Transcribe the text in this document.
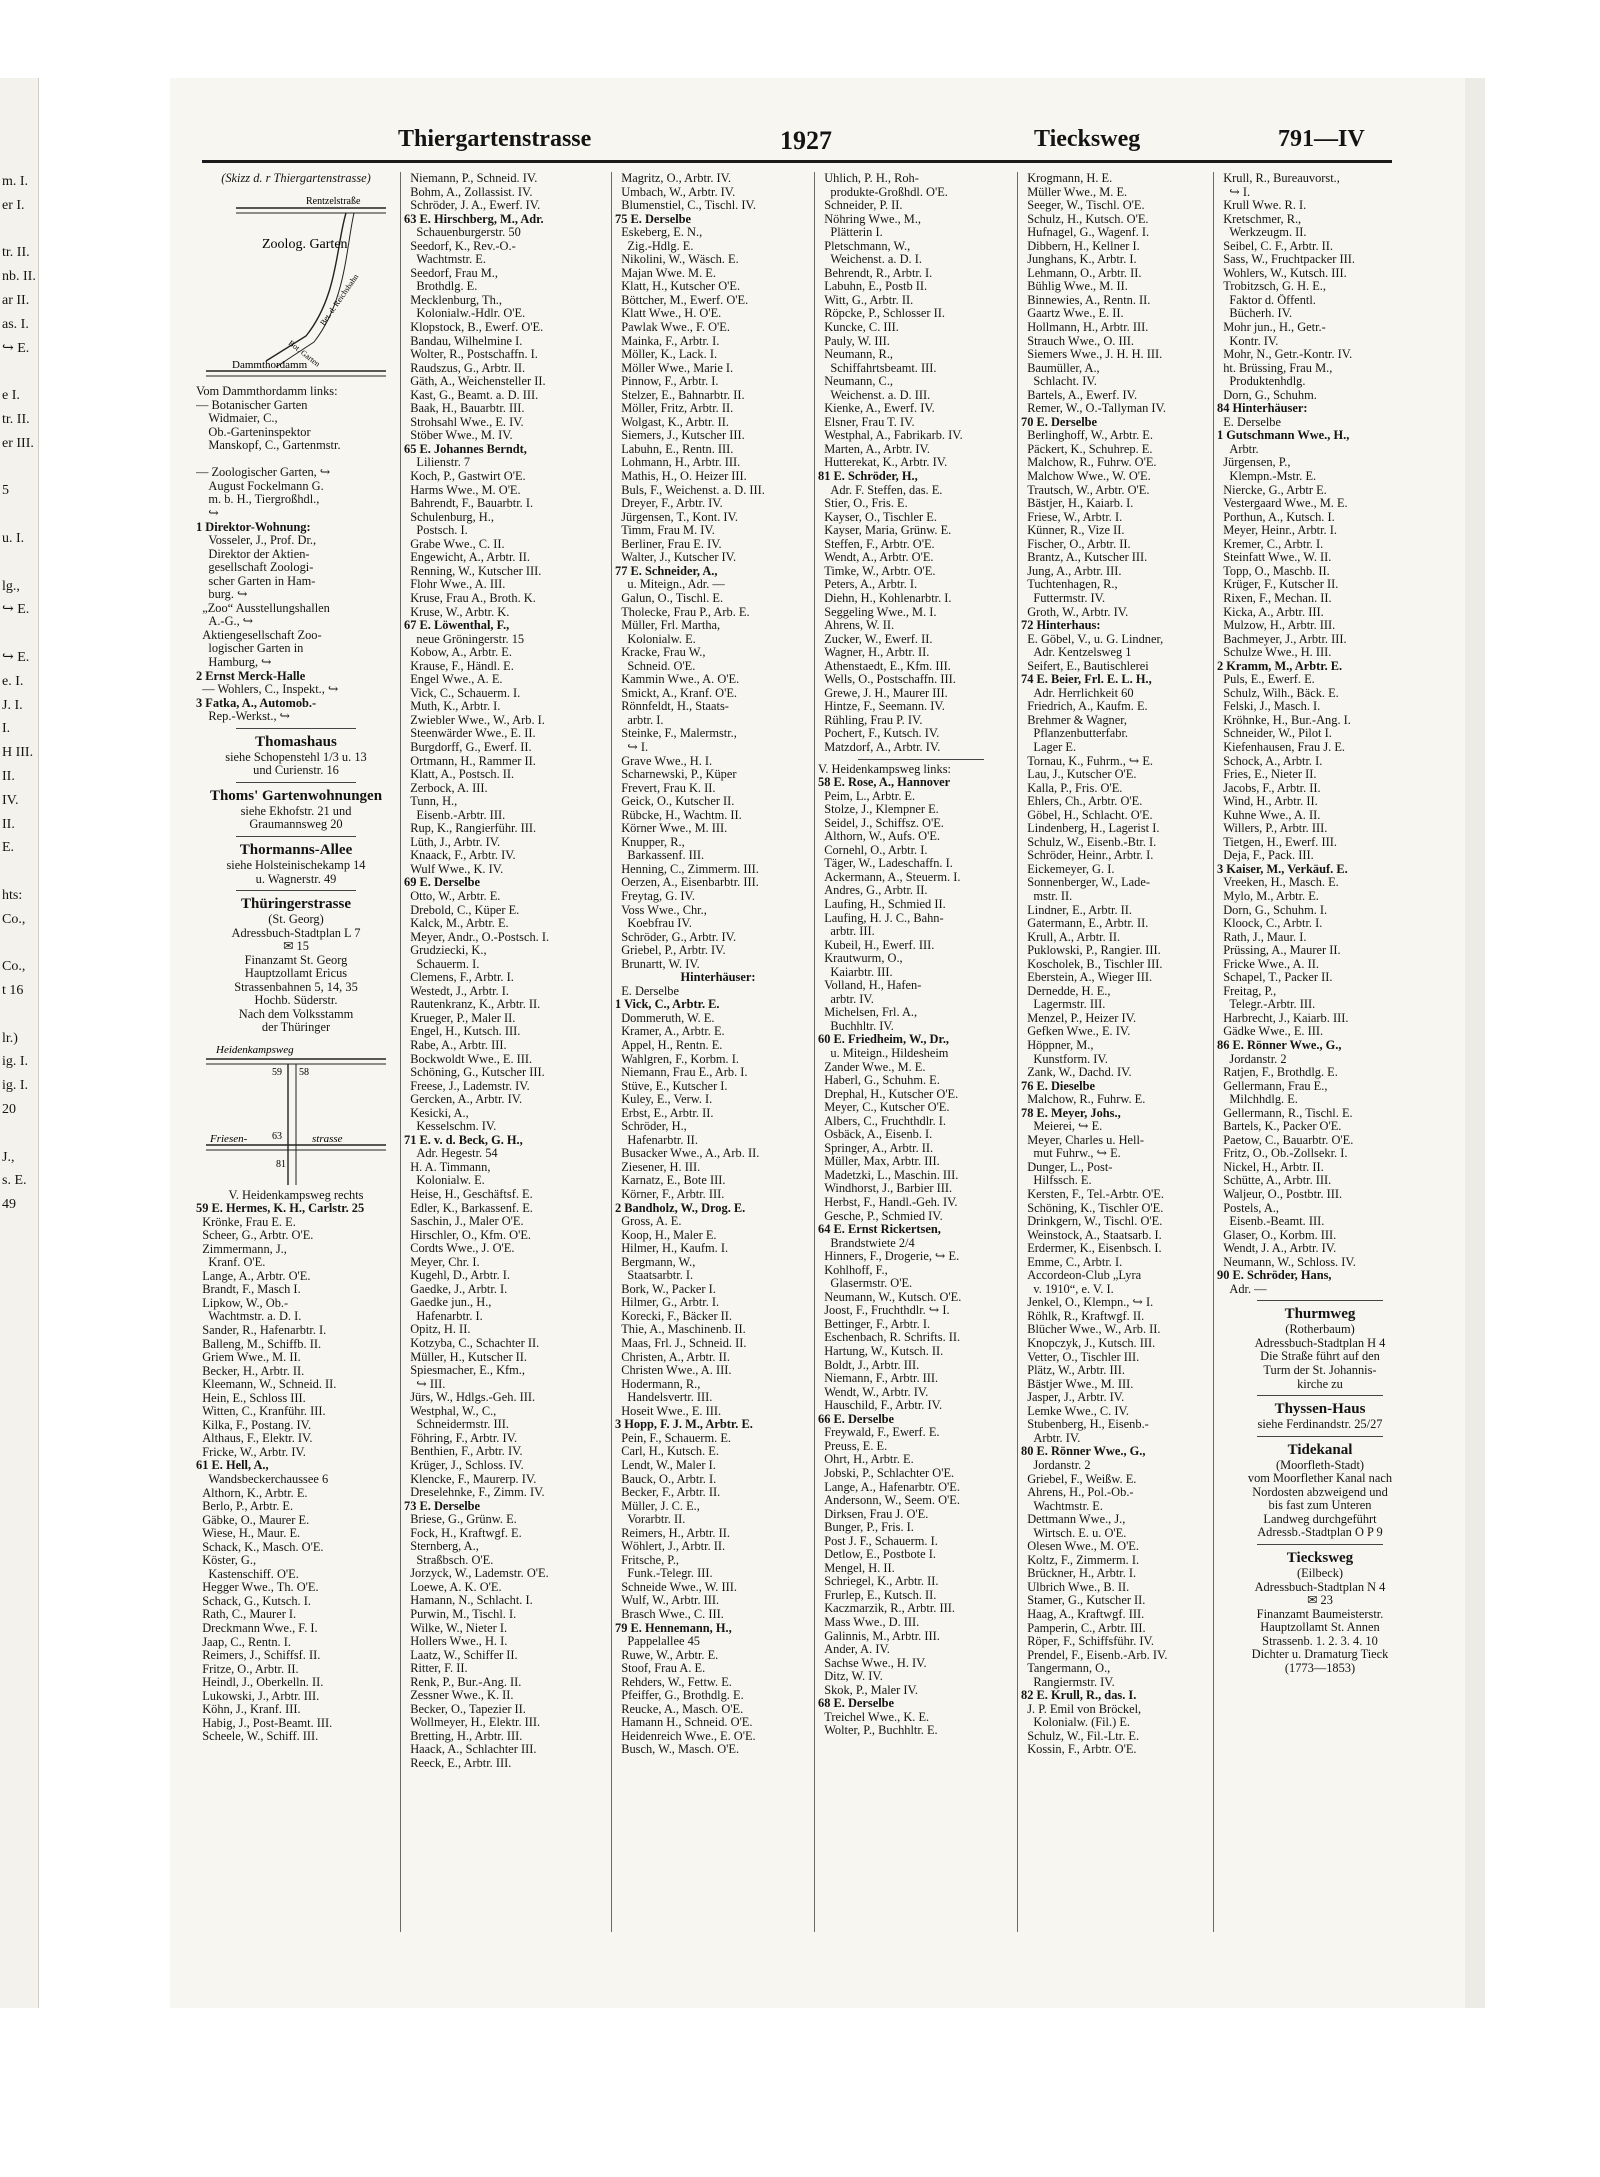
m. I.
er I.

tr. II.
nb. II.
ar II.
as. I.
↪ E.

e I.
tr. II.
er III.

5

u. I.

lg.,
↪ E.

↪ E.
e. I.
J. I.
I.
H III.
II.
IV.
II.
E.

hts:
Co.,

Co.,
t 16

lr.)
ig. I.
ig. I.
20

J.,
s. E.
49
Thiergartenstrasse	1927	Tiecksweg	791—IV
(Skizz d. r Thiergartenstrasse)
Rentzelstraße
Zoolog. Garten
Bet. d. Reichsbahn
Bot. Garten
Dammthordamm
Vom Dammthordamm links:
— Botanischer Garten
Widmaier, C.,
Ob.-Garteninspektor
Manskopf, C., Gartenmstr.

— Zoologischer Garten, ↪
August Fockelmann G.
m. b. H., Tiergroßhdl.,
↪
1 Direktor-Wohnung:
Vosseler, J., Prof. Dr.,
Direktor der Aktien-
gesellschaft Zoologi-
scher Garten in Ham-
burg. ↪
„Zoo“ Ausstellungshallen
A.-G., ↪
Aktiengesellschaft Zoo-
logischer Garten in
Hamburg, ↪
2 Ernst Merck-Halle
— Wohlers, C., Inspekt., ↪
3 Fatka, A., Automob.-
Rep.-Werkst., ↪
Thomashaus
siehe Schopenstehl 1/3 u. 13
und Curienstr. 16
Thoms' Gartenwohnungen
siehe Ekhofstr. 21 und
Graumannsweg 20
Thormanns-Allee
siehe Holsteinischekamp 14
u. Wagnerstr. 49
Thüringerstrasse
(St. Georg)
Adressbuch-Stadtplan L 7
✉ 15
Finanzamt St. Georg
Hauptzollamt Ericus
Strassenbahnen 5, 14, 35
Hochb. Süderstr.
Nach dem Volksstamm
der Thüringer
Heidenkampsweg
59 58
Friesen- 63	strasse
81
V. Heidenkampsweg rechts
59 E. Hermes, K. H., Carlstr. 25
Krönke, Frau E. E.
Scheer, G., Arbtr. O'E.
Zimmermann, J.,
Kranf. O'E.
Lange, A., Arbtr. O'E.
Brandt, F., Masch I.
Lipkow, W., Ob.-
Wachtmstr. a. D. I.
Sander, R., Hafenarbtr. I.
Balleng, M., Schiffb. II.
Griem Wwe., M. II.
Becker, H., Arbtr. II.
Kleemann, W., Schneid. II.
Hein, E., Schloss III.
Witten, C., Kranführ. III.
Kilka, F., Postang. IV.
Althaus, F., Elektr. IV.
Fricke, W., Arbtr. IV.
61 E. Hell, A.,
Wandsbeckerchaussee 6
Althorn, K., Arbtr. E.
Berlo, P., Arbtr. E.
Gäbke, O., Maurer E.
Wiese, H., Maur. E.
Schack, K., Masch. O'E.
Köster, G.,
Kastenschiff. O'E.
Hegger Wwe., Th. O'E.
Schack, G., Kutsch. I.
Rath, C., Maurer I.
Dreckmann Wwe., F. I.
Jaap, C., Rentn. I.
Reimers, J., Schiffsf. II.
Fritze, O., Arbtr. II.
Heindl, J., Oberkelln. II.
Lukowski, J., Arbtr. III.
Köhn, J., Kranf. III.
Habig, J., Post-Beamt. III.
Scheele, W., Schiff. III.
Niemann, P., Schneid. IV.
Bohm, A., Zollassist. IV.
Schröder, J. A., Ewerf. IV.
63 E. Hirschberg, M., Adr.
Schauenburgerstr. 50
Seedorf, K., Rev.-O.-
Wachtmstr. E.
Seedorf, Frau M.,
Brothdlg. E.
Mecklenburg, Th.,
Kolonialw.-Hdlr. O'E.
Klopstock, B., Ewerf. O'E.
Bandau, Wilhelmine I.
Wolter, R., Postschaffn. I.
Raudszus, G., Arbtr. II.
Gäth, A., Weichensteller II.
Kast, G., Beamt. a. D. III.
Baak, H., Bauarbtr. III.
Strohsahl Wwe., E. IV.
Stöber Wwe., M. IV.
65 E. Johannes Berndt,
Lilienstr. 7
Koch, P., Gastwirt O'E.
Harms Wwe., M. O'E.
Bahrendt, F., Bauarbtr. I.
Schulenburg, H.,
Postsch. I.
Grabe Wwe., C. II.
Engewicht, A., Arbtr. II.
Renning, W., Kutscher III.
Flohr Wwe., A. III.
Kruse, Frau A., Broth. K.
Kruse, W., Arbtr. K.
67 E. Löwenthal, F.,
neue Gröningerstr. 15
Kobow, A., Arbtr. E.
Krause, F., Händl. E.
Engel Wwe., A. E.
Vick, C., Schauerm. I.
Muth, K., Arbtr. I.
Zwiebler Wwe., W., Arb. I.
Steenwärder Wwe., E. II.
Burgdorff, G., Ewerf. II.
Ortmann, H., Rammer II.
Klatt, A., Postsch. II.
Zerbock, A. III.
Tunn, H.,
Eisenb.-Arbtr. III.
Rup, K., Rangierführ. III.
Lüth, J., Arbtr. IV.
Knaack, F., Arbtr. IV.
Wulf Wwe., K. IV.
69 E. Derselbe
Otto, W., Arbtr. E.
Drebold, C., Küper E.
Kalck, M., Arbtr. E.
Meyer, Andr., O.-Postsch. I.
Grudziecki, K.,
Schauerm. I.
Clemens, F., Arbtr. I.
Westedt, J., Arbtr. I.
Rautenkranz, K., Arbtr. II.
Krueger, P., Maler II.
Engel, H., Kutsch. III.
Rabe, A., Arbtr. III.
Bockwoldt Wwe., E. III.
Schöning, G., Kutscher III.
Freese, J., Lademstr. IV.
Gercken, A., Arbtr. IV.
Kesicki, A.,
Kesselschm. IV.
71 E. v. d. Beck, G. H.,
Adr. Hegestr. 54
H. A. Timmann,
Kolonialw. E.
Heise, H., Geschäftsf. E.
Edler, K., Barkassenf. E.
Saschin, J., Maler O'E.
Hirschler, O., Kfm. O'E.
Cordts Wwe., J. O'E.
Meyer, Chr. I.
Kugehl, D., Arbtr. I.
Gaedke, J., Arbtr. I.
Gaedke jun., H.,
Hafenarbtr. I.
Opitz, H. II.
Kotzyba, C., Schachter II.
Müller, H., Kutscher II.
Spiesmacher, E., Kfm.,
↪ III.
Jürs, W., Hdlgs.-Geh. III.
Westphal, W., C.,
Schneidermstr. III.
Föhring, F., Arbtr. IV.
Benthien, F., Arbtr. IV.
Krüger, J., Schloss. IV.
Klencke, F., Maurerp. IV.
Dreselehnke, F., Zimm. IV.
73 E. Derselbe
Briese, G., Grünw. E.
Fock, H., Kraftwgf. E.
Sternberg, A.,
Straßbsch. O'E.
Jorzyck, W., Lademstr. O'E.
Loewe, A. K. O'E.
Hamann, N., Schlacht. I.
Purwin, M., Tischl. I.
Wilke, W., Nieter I.
Hollers Wwe., H. I.
Laatz, W., Schiffer II.
Ritter, F. II.
Renk, P., Bur.-Ang. II.
Zessner Wwe., K. II.
Becker, O., Tapezier II.
Wollmeyer, H., Elektr. III.
Bretting, H., Arbtr. III.
Haack, A., Schlachter III.
Reeck, E., Arbtr. III.
Magritz, O., Arbtr. IV.
Umbach, W., Arbtr. IV.
Blumenstiel, C., Tischl. IV.
75 E. Derselbe
Eskeberg, E. N.,
Zig.-Hdlg. E.
Nikolini, W., Wäsch. E.
Majan Wwe. M. E.
Klatt, H., Kutscher O'E.
Böttcher, M., Ewerf. O'E.
Klatt Wwe., H. O'E.
Pawlak Wwe., F. O'E.
Mainka, F., Arbtr. I.
Möller, K., Lack. I.
Möller Wwe., Marie I.
Pinnow, F., Arbtr. I.
Stelzer, E., Bahnarbtr. II.
Möller, Fritz, Arbtr. II.
Wolgast, K., Arbtr. II.
Siemers, J., Kutscher III.
Labuhn, E., Rentn. III.
Lohmann, H., Arbtr. III.
Mathis, H., O. Heizer III.
Buls, F., Weichenst. a. D. III.
Dreyer, F., Arbtr. IV.
Jürgensen, T., Kont. IV.
Timm, Frau M. IV.
Berliner, Frau E. IV.
Walter, J., Kutscher IV.
77 E. Schneider, A.,
u. Miteign., Adr. —
Galun, O., Tischl. E.
Tholecke, Frau P., Arb. E.
Müller, Frl. Martha,
Kolonialw. E.
Kracke, Frau W.,
Schneid. O'E.
Kammin Wwe., A. O'E.
Smickt, A., Kranf. O'E.
Rönnfeldt, H., Staats-
arbtr. I.
Steinke, F., Malermstr.,
↪ I.
Grave Wwe., H. I.
Scharnewski, P., Küper
Frevert, Frau K. II.
Geick, O., Kutscher II.
Rübcke, H., Wachtm. II.
Körner Wwe., M. III.
Knupper, R.,
Barkassenf. III.
Henning, C., Zimmerm. III.
Oerzen, A., Eisenbarbtr. III.
Freytag, G. IV.
Voss Wwe., Chr.,
Koebfrau IV.
Schröder, G., Arbtr. IV.
Griebel, P., Arbtr. IV.
Brunartt, W. IV.
Hinterhäuser:
E. Derselbe
1 Vick, C., Arbtr. E.
Dommeruth, W. E.
Kramer, A., Arbtr. E.
Appel, H., Rentn. E.
Wahlgren, F., Korbm. I.
Niemann, Frau E., Arb. I.
Stüve, E., Kutscher I.
Kuley, E., Verw. I.
Erbst, E., Arbtr. II.
Schröder, H.,
Hafenarbtr. II.
Busacker Wwe., A., Arb. II.
Ziesener, H. III.
Karnatz, E., Bote III.
Körner, F., Arbtr. III.
2 Bandholz, W., Drog. E.
Gross, A. E.
Koop, H., Maler E.
Hilmer, H., Kaufm. I.
Bergmann, W.,
Staatsarbtr. I.
Bork, W., Packer I.
Hilmer, G., Arbtr. I.
Korecki, F., Bäcker II.
Thie, A., Maschinenb. II.
Maas, Frl. J., Schneid. II.
Christen, A., Arbtr. II.
Christen Wwe., A. III.
Hodermann, R.,
Handelsvertr. III.
Hoseit Wwe., E. III.
3 Hopp, F. J. M., Arbtr. E.
Pein, F., Schauerm. E.
Carl, H., Kutsch. E.
Lendt, W., Maler I.
Bauck, O., Arbtr. I.
Becker, F., Arbtr. II.
Müller, J. C. E.,
Vorarbtr. II.
Reimers, H., Arbtr. II.
Wöhlert, J., Arbtr. II.
Fritsche, P.,
Funk.-Telegr. III.
Schneide Wwe., W. III.
Wulf, W., Arbtr. III.
Brasch Wwe., C. III.
79 E. Hennemann, H.,
Pappelallee 45
Ruwe, W., Arbtr. E.
Stoof, Frau A. E.
Rehders, W., Fettw. E.
Pfeiffer, G., Brothdlg. E.
Reucke, A., Masch. O'E.
Hamann H., Schneid. O'E.
Heidenreich Wwe., E. O'E.
Busch, W., Masch. O'E.
Uhlich, P. H., Roh-
produkte-Großhdl. O'E.
Schneider, P. II.
Nöhring Wwe., M.,
Plätterin I.
Pletschmann, W.,
Weichenst. a. D. I.
Behrendt, R., Arbtr. I.
Labuhn, E., Postb II.
Witt, G., Arbtr. II.
Röpcke, P., Schlosser II.
Kuncke, C. III.
Pauly, W. III.
Neumann, R.,
Schiffahrtsbeamt. III.
Neumann, C.,
Weichenst. a. D. III.
Kienke, A., Ewerf. IV.
Elsner, Frau T. IV.
Westphal, A., Fabrikarb. IV.
Marten, A., Arbtr. IV.
Hutterekat, K., Arbtr. IV.
81 E. Schröder, H.,
Adr. F. Steffen, das. E.
Stier, O., Fris. E.
Kayser, O., Tischler E.
Kayser, Maria, Grünw. E.
Steffen, F., Arbtr. O'E.
Wendt, A., Arbtr. O'E.
Timke, W., Arbtr. O'E.
Peters, A., Arbtr. I.
Diehn, H., Kohlenarbtr. I.
Seggeling Wwe., M. I.
Ahrens, W. II.
Zucker, W., Ewerf. II.
Wagner, H., Arbtr. II.
Athenstaedt, E., Kfm. III.
Wells, O., Postschaffn. III.
Grewe, J. H., Maurer III.
Hintze, F., Seemann. IV.
Rühling, Frau P. IV.
Pochert, F., Kutsch. IV.
Matzdorf, A., Arbtr. IV.
V. Heidenkampsweg links:
58 E. Rose, A., Hannover
Peim, L., Arbtr. E.
Stolze, J., Klempner E.
Seidel, J., Schiffsz. O'E.
Althorn, W., Aufs. O'E.
Cornehl, O., Arbtr. I.
Täger, W., Ladeschaffn. I.
Ackermann, A., Steuerm. I.
Andres, G., Arbtr. II.
Laufing, H., Schmied II.
Laufing, H. J. C., Bahn-
arbtr. III.
Kubeil, H., Ewerf. III.
Krautwurm, O.,
Kaiarbtr. III.
Volland, H., Hafen-
arbtr. IV.
Michelsen, Frl. A.,
Buchhltr. IV.
60 E. Friedheim, W., Dr.,
u. Miteign., Hildesheim
Zander Wwe., M. E.
Haberl, G., Schuhm. E.
Drephal, H., Kutscher O'E.
Meyer, C., Kutscher O'E.
Albers, C., Fruchthdlr. I.
Osbäck, A., Eisenb. I.
Springer, A., Arbtr. II.
Müller, Max, Arbtr. III.
Madetzki, L., Maschin. III.
Windhorst, J., Barbier III.
Herbst, F., Handl.-Geh. IV.
Gesche, P., Schmied IV.
64 E. Ernst Rickertsen,
Brandstwiete 2/4
Hinners, F., Drogerie, ↪ E.
Kohlhoff, F.,
Glasermstr. O'E.
Neumann, W., Kutsch. O'E.
Joost, F., Fruchthdlr. ↪ I.
Bettinger, F., Arbtr. I.
Eschenbach, R. Schrifts. II.
Hartung, W., Kutsch. II.
Boldt, J., Arbtr. III.
Niemann, F., Arbtr. III.
Wendt, W., Arbtr. IV.
Hauschild, F., Arbtr. IV.
66 E. Derselbe
Freywald, F., Ewerf. E.
Preuss, E. E.
Ohrt, H., Arbtr. E.
Jobski, P., Schlachter O'E.
Lange, A., Hafenarbtr. O'E.
Andersonn, W., Seem. O'E.
Dirksen, Frau J. O'E.
Bunger, P., Fris. I.
Post J. F., Schauerm. I.
Detlow, E., Postbote I.
Mengel, H. II.
Schriegel, K., Arbtr. II.
Frurlep, E., Kutsch. II.
Kaczmarzik, R., Arbtr. III.
Mass Wwe., D. III.
Galinnis, M., Arbtr. III.
Ander, A. IV.
Sachse Wwe., H. IV.
Ditz, W. IV.
Skok, P., Maler IV.
68 E. Derselbe
Treichel Wwe., K. E.
Wolter, P., Buchhltr. E.
Krogmann, H. E.
Müller Wwe., M. E.
Seeger, W., Tischl. O'E.
Schulz, H., Kutsch. O'E.
Hufnagel, G., Wagenf. I.
Dibbern, H., Kellner I.
Junghans, K., Arbtr. I.
Lehmann, O., Arbtr. II.
Bühlig Wwe., M. II.
Binnewies, A., Rentn. II.
Gaartz Wwe., E. II.
Hollmann, H., Arbtr. III.
Strauch Wwe., O. III.
Siemers Wwe., J. H. H. III.
Baumüller, A.,
Schlacht. IV.
Bartels, A., Ewerf. IV.
Remer, W., O.-Tallyman IV.
70 E. Derselbe
Berlinghoff, W., Arbtr. E.
Päckert, K., Schuhrep. E.
Malchow, R., Fuhrw. O'E.
Malchow Wwe., W. O'E.
Trautsch, W., Arbtr. O'E.
Bästjer, H., Kaiarb. I.
Friese, W., Arbtr. I.
Künner, R., Vize II.
Fischer, O., Arbtr. II.
Brantz, A., Kutscher III.
Jung, A., Arbtr. III.
Tuchtenhagen, R.,
Futtermstr. IV.
Groth, W., Arbtr. IV.
72 Hinterhaus:
E. Göbel, V., u. G. Lindner,
Adr. Kentzelsweg 1
Seifert, E., Bautischlerei
74 E. Beier, Frl. E. L. H.,
Adr. Herrlichkeit 60
Friedrich, A., Kaufm. E.
Brehmer & Wagner,
Pflanzenbutterfabr.
Lager E.
Tornau, K., Fuhrm., ↪ E.
Lau, J., Kutscher O'E.
Kalla, P., Fris. O'E.
Ehlers, Ch., Arbtr. O'E.
Göbel, H., Schlacht. O'E.
Lindenberg, H., Lagerist I.
Schulz, W., Eisenb.-Btr. I.
Schröder, Heinr., Arbtr. I.
Eickemeyer, G. I.
Sonnenberger, W., Lade-
mstr. II.
Lindner, E., Arbtr. II.
Gatermann, E., Arbtr. II.
Krull, A., Arbtr. II.
Puklowski, P., Rangier. III.
Koscholek, B., Tischler III.
Eberstein, A., Wieger III.
Dernedde, H. E.,
Lagermstr. III.
Menzel, P., Heizer IV.
Gefken Wwe., E. IV.
Höppner, M.,
Kunstform. IV.
Zank, W., Dachd. IV.
76 E. Dieselbe
Malchow, R., Fuhrw. E.
78 E. Meyer, Johs.,
Meierei, ↪ E.
Meyer, Charles u. Hell-
mut Fuhrw., ↪ E.
Dunger, L., Post-
Hilfssch. E.
Kersten, F., Tel.-Arbtr. O'E.
Schöning, K., Tischler O'E.
Drinkgern, W., Tischl. O'E.
Weinstock, A., Staatsarb. I.
Erdermer, K., Eisenbsch. I.
Emme, C., Arbtr. I.
Accordeon-Club „Lyra
v. 1910“, e. V. I.
Jenkel, O., Klempn., ↪ I.
Röhlk, R., Kraftwgf. II.
Blücher Wwe., W., Arb. II.
Knopczyk, J., Kutsch. III.
Vetter, O., Tischler III.
Plätz, W., Arbtr. III.
Bästjer Wwe., M. III.
Jasper, J., Arbtr. IV.
Lemke Wwe., C. IV.
Stubenberg, H., Eisenb.-
Arbtr. IV.
80 E. Rönner Wwe., G.,
Jordanstr. 2
Griebel, F., Weißw. E.
Ahrens, H., Pol.-Ob.-
Wachtmstr. E.
Dettmann Wwe., J.,
Wirtsch. E. u. O'E.
Olesen Wwe., M. O'E.
Koltz, F., Zimmerm. I.
Brückner, H., Arbtr. I.
Ulbrich Wwe., B. II.
Stamer, G., Kutscher II.
Haag, A., Kraftwgf. III.
Pamperin, C., Arbtr. III.
Röper, F., Schiffsführ. IV.
Prendel, F., Eisenb.-Arb. IV.
Tangermann, O.,
Rangiermstr. IV.
82 E. Krull, R., das. I.
J. P. Emil von Bröckel,
Kolonialw. (Fil.) E.
Schulz, W., Fil.-Ltr. E.
Kossin, F., Arbtr. O'E.
Krull, R., Bureauvorst.,
↪ I.
Krull Wwe. R. I.
Kretschmer, R.,
Werkzeugm. II.
Seibel, C. F., Arbtr. II.
Sass, W., Fruchtpacker III.
Wohlers, W., Kutsch. III.
Trobitzsch, G. H. E.,
Faktor d. Öffentl.
Bücherh. IV.
Mohr jun., H., Getr.-
Kontr. IV.
Mohr, N., Getr.-Kontr. IV.
ht. Brüssing, Frau M.,
Produktenhdlg.
Dorn, G., Schuhm.
84 Hinterhäuser:
E. Derselbe
1 Gutschmann Wwe., H.,
Arbtr.
Jürgensen, P.,
Klempn.-Mstr. E.
Niercke, G., Arbtr E.
Vestergaard Wwe., M. E.
Porthun, A., Kutsch. I.
Meyer, Heinr., Arbtr. I.
Kremer, C., Arbtr. I.
Steinfatt Wwe., W. II.
Topp, O., Maschb. II.
Krüger, F., Kutscher II.
Rixen, F., Mechan. II.
Kicka, A., Arbtr. III.
Mulzow, H., Arbtr. III.
Bachmeyer, J., Arbtr. III.
Schulze Wwe., H. III.
2 Kramm, M., Arbtr. E.
Puls, E., Ewerf. E.
Schulz, Wilh., Bäck. E.
Felski, J., Masch. I.
Kröhnke, H., Bur.-Ang. I.
Schneider, W., Pilot I.
Kiefenhausen, Frau J. E.
Schock, A., Arbtr. I.
Fries, E., Nieter II.
Jacobs, F., Arbtr. II.
Wind, H., Arbtr. II.
Kuhne Wwe., A. II.
Willers, P., Arbtr. III.
Tietgen, H., Ewerf. III.
Deja, F., Pack. III.
3 Kaiser, M., Verkäuf. E.
Vreeken, H., Masch. E.
Mylo, M., Arbtr. E.
Dorn, G., Schuhm. I.
Kloock, C., Arbtr. I.
Rath, J., Maur. I.
Prüssing, A., Maurer II.
Fricke Wwe., A. II.
Schapel, T., Packer II.
Freitag, P.,
Telegr.-Arbtr. III.
Harbrecht, J., Kaiarb. III.
Gädke Wwe., E. III.
86 E. Rönner Wwe., G.,
Jordanstr. 2
Ratjen, F., Brothdlg. E.
Gellermann, Frau E.,
Milchhdlg. E.
Gellermann, R., Tischl. E.
Bartels, K., Packer O'E.
Paetow, C., Bauarbtr. O'E.
Fritz, O., Ob.-Zollsekr. I.
Nickel, H., Arbtr. II.
Schütte, A., Arbtr. III.
Waljeur, O., Postbtr. III.
Postels, A.,
Eisenb.-Beamt. III.
Glaser, O., Korbm. III.
Wendt, J. A., Arbtr. IV.
Neumann, W., Schloss. IV.
90 E. Schröder, Hans,
Adr. —
Thurmweg
(Rotherbaum)
Adressbuch-Stadtplan H 4
Die Straße führt auf den
Turm der St. Johannis-
kirche zu
Thyssen-Haus
siehe Ferdinandstr. 25/27
Tidekanal
(Moorfleth-Stadt)
vom Moorflether Kanal nach
Nordosten abzweigend und
bis fast zum Unteren
Landweg durchgeführt
Adressb.-Stadtplan O P 9
Tiecksweg
(Eilbeck)
Adressbuch-Stadtplan N 4
✉ 23
Finanzamt Baumeisterstr.
Hauptzollamt St. Annen
Strassenb. 1. 2. 3. 4. 10
Dichter u. Dramaturg Tieck
(1773—1853)
